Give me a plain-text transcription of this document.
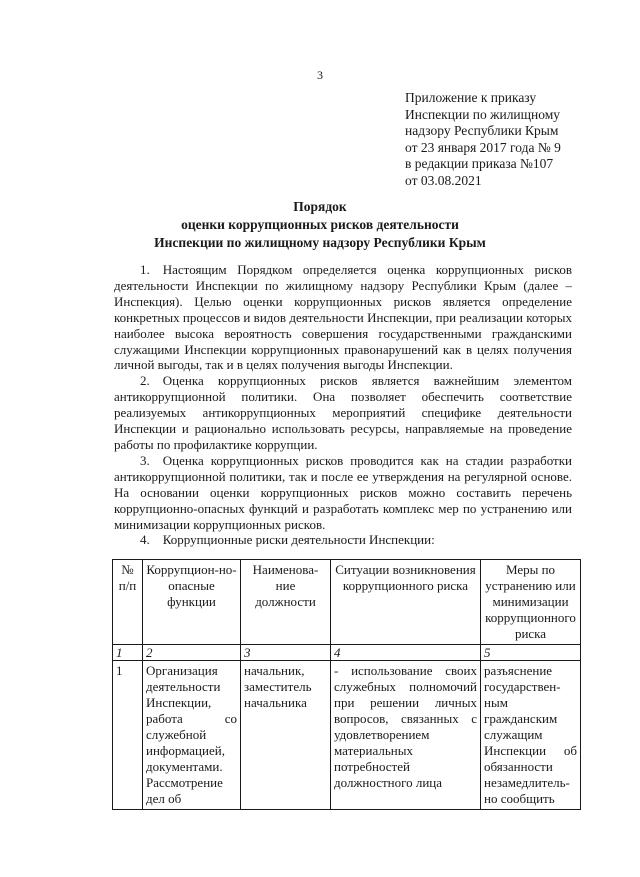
3
Приложение к приказу
Инспекции по жилищному
надзору Республики Крым
от 23 января 2017 года № 9
в редакции приказа №107
от 03.08.2021
Порядок
оценки коррупционных рисков деятельности
Инспекции по жилищному надзору Республики Крым

1. Настоящим Порядком определяется оценка коррупционных рисков деятельности Инспекции по жилищному надзору Республики Крым (далее – Инспекция). Целью оценки коррупционных рисков является определение конкретных процессов и видов деятельности Инспекции, при реализации которых наиболее высока вероятность совершения государственными гражданскими служащими Инспекции коррупционных правонарушений как в целях получения личной выгоды, так и в целях получения выгоды Инспекции.

2. Оценка коррупционных рисков является важнейшим элементом антикоррупционной политики. Она позволяет обеспечить соответствие реализуемых антикоррупционных мероприятий специфике деятельности Инспекции и рационально использовать ресурсы, направляемые на проведение работы по профилактике коррупции.

3. Оценка коррупционных рисков проводится как на стадии разработки антикоррупционной политики, так и после ее утверждения на регулярной основе. На основании оценки коррупционных рисков можно составить перечень коррупционно-опасных функций и разработать комплекс мер по устранению или минимизации коррупционных рисков.

4. Коррупционные риски деятельности Инспекции:

№ п/п	Коррупцион-но-опасные функции	Наименова-ние должности	Ситуации возникновения коррупционного риска	Меры по устранению или минимизации коррупционного риска
1	2	3	4	5
1	Организация деятельности Инспекции, работа со служебной информацией, документами. Рассмотрение дел об	начальник, заместитель начальника	- использование своих служебных полномочий при решении личных вопросов, связанных с удовлетворением материальных потребностей должностного лица	разъяснение государствен-ным гражданским служащим Инспекции об обязанности незамедлитель-но сообщить
